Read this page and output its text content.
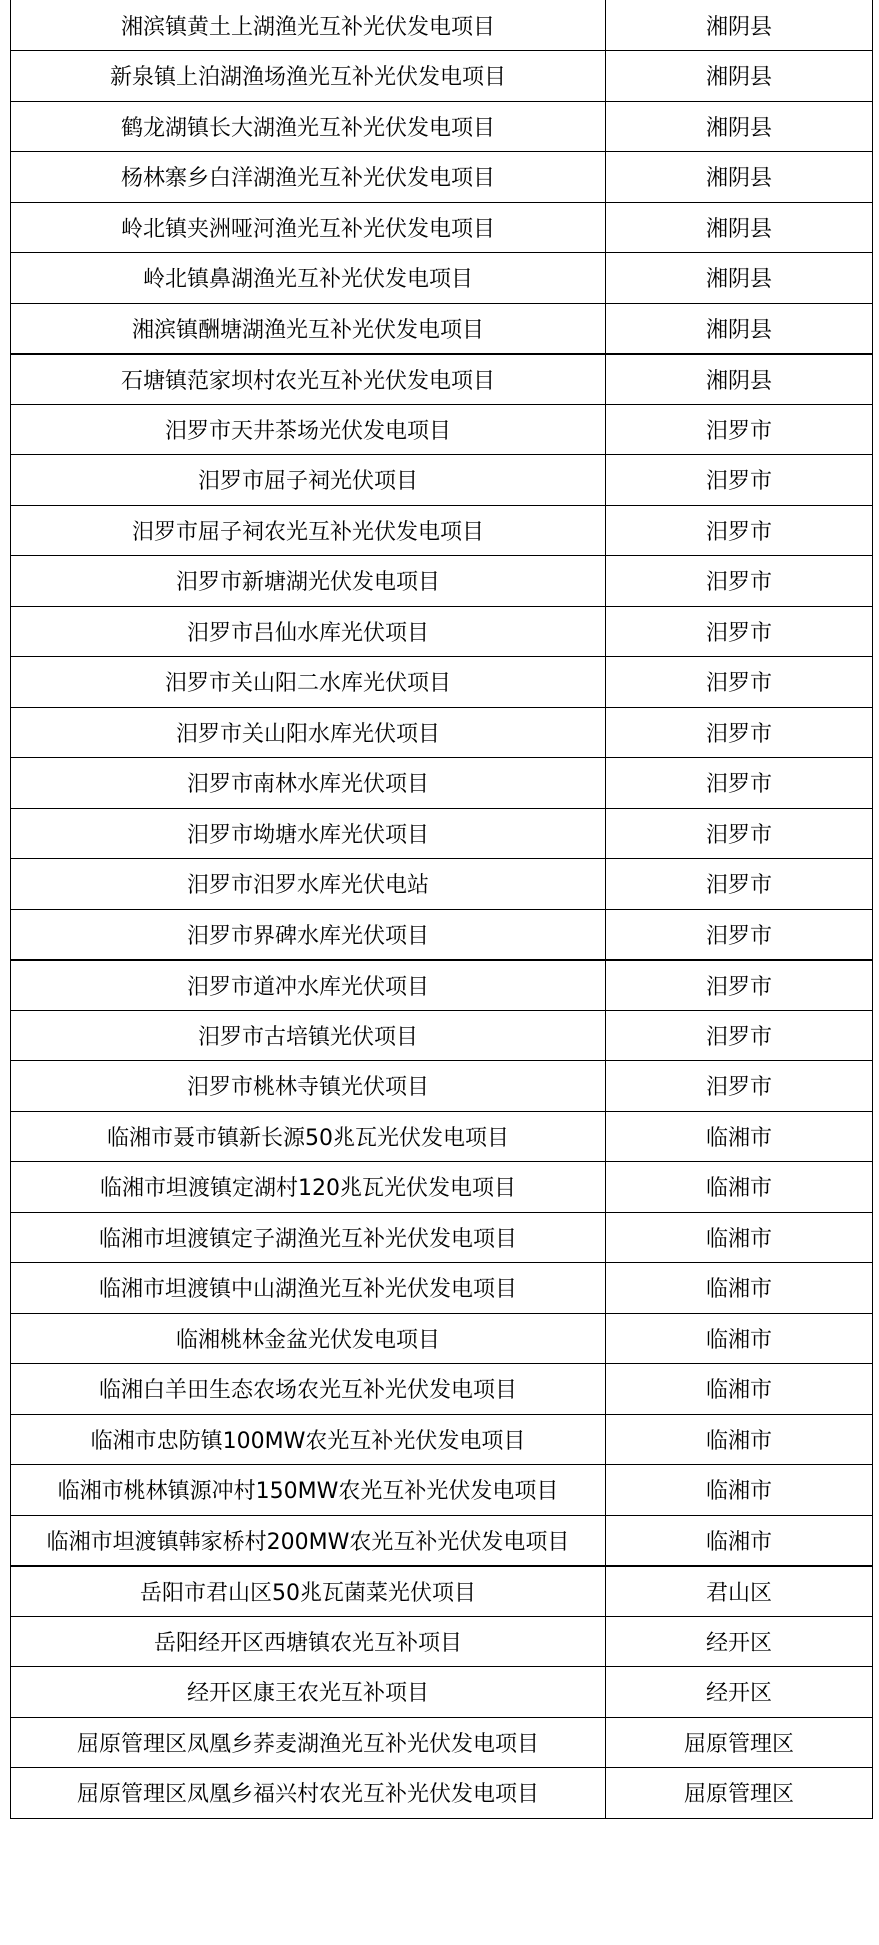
湘滨镇黄土上湖渔光互补光伏发电项目	湘阴县
新泉镇上泊湖渔场渔光互补光伏发电项目	湘阴县
鹤龙湖镇长大湖渔光互补光伏发电项目	湘阴县
杨林寨乡白洋湖渔光互补光伏发电项目	湘阴县
岭北镇夹洲哑河渔光互补光伏发电项目	湘阴县
岭北镇鼻湖渔光互补光伏发电项目	湘阴县
湘滨镇酬塘湖渔光互补光伏发电项目	湘阴县
石塘镇范家坝村农光互补光伏发电项目	湘阴县
汨罗市天井茶场光伏发电项目	汨罗市
汨罗市屈子祠光伏项目	汨罗市
汨罗市屈子祠农光互补光伏发电项目	汨罗市
汨罗市新塘湖光伏发电项目	汨罗市
汨罗市吕仙水库光伏项目	汨罗市
汨罗市关山阳二水库光伏项目	汨罗市
汨罗市关山阳水库光伏项目	汨罗市
汨罗市南林水库光伏项目	汨罗市
汨罗市坳塘水库光伏项目	汨罗市
汨罗市汨罗水库光伏电站	汨罗市
汨罗市界碑水库光伏项目	汨罗市
汨罗市道冲水库光伏项目	汨罗市
汨罗市古培镇光伏项目	汨罗市
汨罗市桃林寺镇光伏项目	汨罗市
临湘市聂市镇新长源50兆瓦光伏发电项目	临湘市
临湘市坦渡镇定湖村120兆瓦光伏发电项目	临湘市
临湘市坦渡镇定子湖渔光互补光伏发电项目	临湘市
临湘市坦渡镇中山湖渔光互补光伏发电项目	临湘市
临湘桃林金盆光伏发电项目	临湘市
临湘白羊田生态农场农光互补光伏发电项目	临湘市
临湘市忠防镇100MW农光互补光伏发电项目	临湘市
临湘市桃林镇源冲村150MW农光互补光伏发电项目	临湘市
临湘市坦渡镇韩家桥村200MW农光互补光伏发电项目	临湘市
岳阳市君山区50兆瓦菌菜光伏项目	君山区
岳阳经开区西塘镇农光互补项目	经开区
经开区康王农光互补项目	经开区
屈原管理区凤凰乡荞麦湖渔光互补光伏发电项目	屈原管理区
屈原管理区凤凰乡福兴村农光互补光伏发电项目	屈原管理区
